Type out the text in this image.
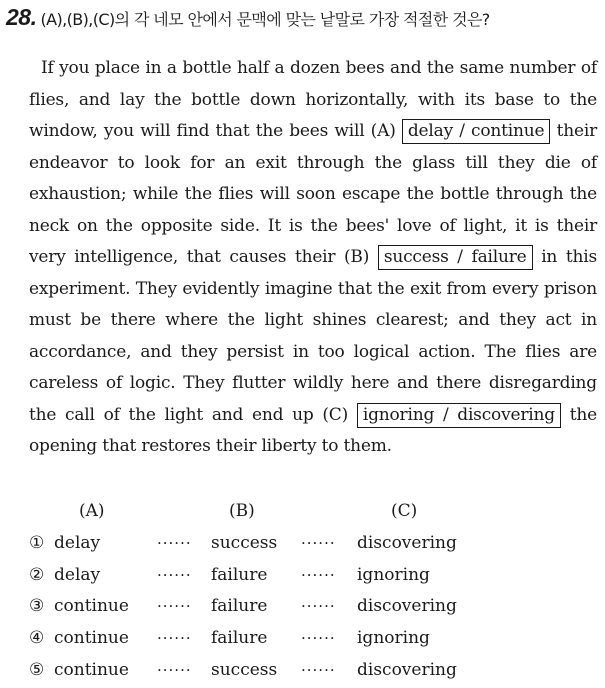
28. (A),(B),(C)의 각 네모 안에서 문맥에 맞는 낱말로 가장 적절한 것은?
If you place in a bottle half a dozen bees and the same number of flies, and lay the bottle down horizontally, with its base to the window, you will find that the bees will (A) delay / continue their endeavor to look for an exit through the glass till they die of exhaustion; while the flies will soon escape the bottle through the neck on the opposite side. It is the bees' love of light, it is their very intelligence, that causes their (B) success / failure in this experiment. They evidently imagine that the exit from every prison must be there where the light shines clearest; and they act in accordance, and they persist in too logical action. The flies are careless of logic. They flutter wildly here and there disregarding the call of the light and end up (C) ignoring / discovering the opening that restores their liberty to them.
(A)	(B)	(C)
① delay	······ success ······ discovering
② delay	······ failure ······ ignoring
③ continue ······ failure ······ discovering
④ continue ······ failure ······ ignoring
⑤ continue ······ success ······ discovering
